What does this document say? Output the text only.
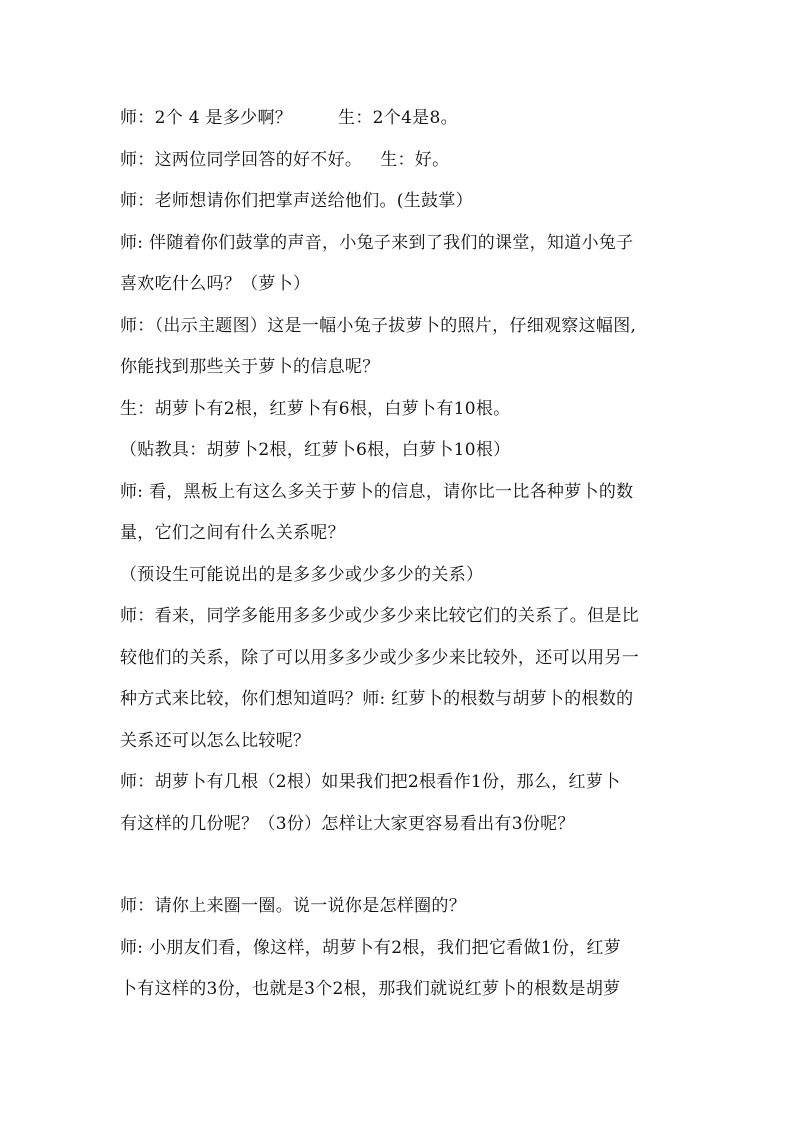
师：2个 4 是多少啊？	生：2个4是8。
师：这两位同学回答的好不好。 生：好。
师：老师想请你们把掌声送给他们。(生鼓掌）
师: 伴随着你们鼓掌的声音，小兔子来到了我们的课堂，知道小兔子
喜欢吃什么吗？（萝卜）
师：（出示主题图）这是一幅小兔子拔萝卜的照片，仔细观察这幅图,
你能找到那些关于萝卜的信息呢？
生：胡萝卜有2根，红萝卜有6根，白萝卜有10根。
（贴教具：胡萝卜2根，红萝卜6根，白萝卜10根）
师: 看，黑板上有这么多关于萝卜的信息，请你比一比各种萝卜的数
量，它们之间有什么关系呢？
（预设生可能说出的是多多少或少多少的关系）
师：看来，同学多能用多多少或少多少来比较它们的关系了。但是比
较他们的关系，除了可以用多多少或少多少来比较外，还可以用另一
种方式来比较，你们想知道吗？师: 红萝卜的根数与胡萝卜的根数的
关系还可以怎么比较呢？
师：胡萝卜有几根（2根）如果我们把2根看作1份，那么，红萝卜
有这样的几份呢？（3份）怎样让大家更容易看出有3份呢？
师：请你上来圈一圈。说一说你是怎样圈的？
师: 小朋友们看，像这样，胡萝卜有2根，我们把它看做1份，红萝
卜有这样的3份，也就是3个2根，那我们就说红萝卜的根数是胡萝
